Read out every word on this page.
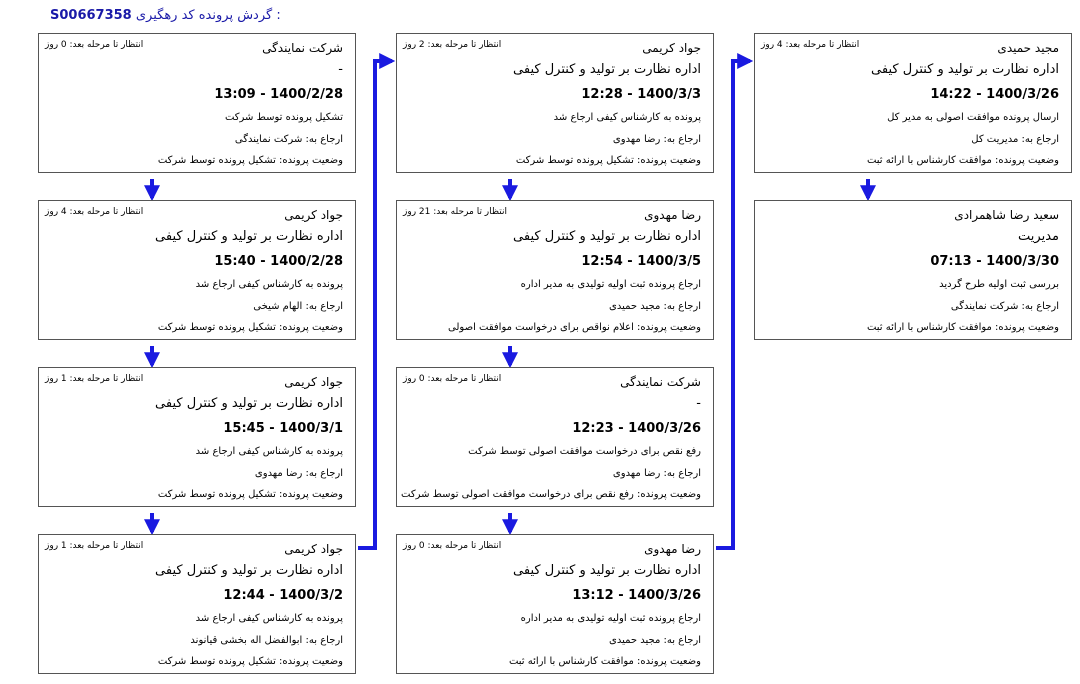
S00667358 گردش پرونده کد رهگیری :
شرکت نمایندگی
انتظار تا مرحله بعد: 0 روز
-
13:09 - 1400/2/28
تشکیل پرونده توسط شرکت
ارجاع به: شرکت نمایندگی
وضعیت پرونده: تشکیل پرونده توسط شرکت
جواد کریمی
انتظار تا مرحله بعد: 4 روز
اداره نظارت بر تولید و کنترل کیفی
15:40 - 1400/2/28
پرونده به کارشناس کیفی ارجاع شد
ارجاع به: الهام شیخی
وضعیت پرونده: تشکیل پرونده توسط شرکت
جواد کریمی
انتظار تا مرحله بعد: 1 روز
اداره نظارت بر تولید و کنترل کیفی
15:45 - 1400/3/1
پرونده به کارشناس کیفی ارجاع شد
ارجاع به: رضا مهدوی
وضعیت پرونده: تشکیل پرونده توسط شرکت
جواد کریمی
انتظار تا مرحله بعد: 1 روز
اداره نظارت بر تولید و کنترل کیفی
12:44 - 1400/3/2
پرونده به کارشناس کیفی ارجاع شد
ارجاع به: ابوالفضل اله بخشی قیانوند
وضعیت پرونده: تشکیل پرونده توسط شرکت
جواد کریمی
انتظار تا مرحله بعد: 2 روز
اداره نظارت بر تولید و کنترل کیفی
12:28 - 1400/3/3
پرونده به کارشناس کیفی ارجاع شد
ارجاع به: رضا مهدوی
وضعیت پرونده: تشکیل پرونده توسط شرکت
رضا مهدوی
انتظار تا مرحله بعد: 21 روز
اداره نظارت بر تولید و کنترل کیفی
12:54 - 1400/3/5
ارجاع پرونده ثبت اولیه تولیدی به مدیر اداره
ارجاع به: مجید حمیدی
وضعیت پرونده: اعلام نواقص برای درخواست موافقت اصولی
شرکت نمایندگی
انتظار تا مرحله بعد: 0 روز
-
12:23 - 1400/3/26
رفع نقص برای درخواست موافقت اصولی توسط شرکت
ارجاع به: رضا مهدوی
وضعیت پرونده: رفع نقص برای درخواست موافقت اصولی توسط شرکت
رضا مهدوی
انتظار تا مرحله بعد: 0 روز
اداره نظارت بر تولید و کنترل کیفی
13:12 - 1400/3/26
ارجاع پرونده ثبت اولیه تولیدی به مدیر اداره
ارجاع به: مجید حمیدی
وضعیت پرونده: موافقت کارشناس با ارائه ثبت
مجید حمیدی
انتظار تا مرحله بعد: 4 روز
اداره نظارت بر تولید و کنترل کیفی
14:22 - 1400/3/26
ارسال پرونده موافقت اصولی به مدیر کل
ارجاع به: مدیریت کل
وضعیت پرونده: موافقت کارشناس با ارائه ثبت
سعید رضا شاهمرادی
مدیریت
07:13 - 1400/3/30
بررسی ثبت اولیه طرح گردید
ارجاع به: شرکت نمایندگی
وضعیت پرونده: موافقت کارشناس با ارائه ثبت
